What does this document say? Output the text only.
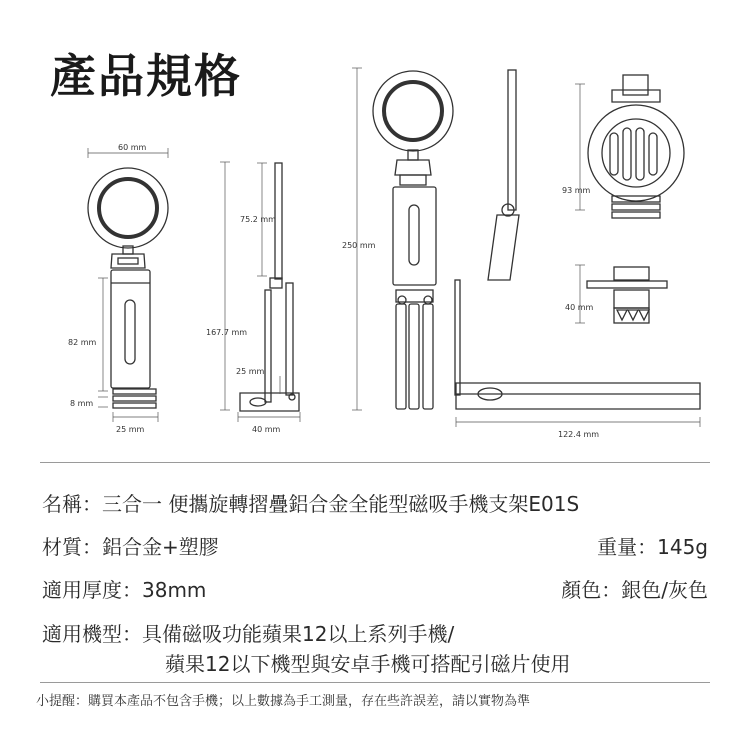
產品規格
60 mm
82 mm
8 mm
25 mm
75.2 mm
167.7 mm
25 mm
40 mm
250 mm
122.4 mm
93 mm
40 mm
名稱：三合一 便攜旋轉摺疊鋁合金全能型磁吸手機支架E01S
材質：鋁合金+塑膠	重量：145g
適用厚度：38mm	顏色：銀色/灰色
適用機型：具備磁吸功能蘋果12以上系列手機/
蘋果12以下機型與安卓手機可搭配引磁片使用
小提醒：購買本產品不包含手機；以上數據為手工測量，存在些許誤差，請以實物為準
